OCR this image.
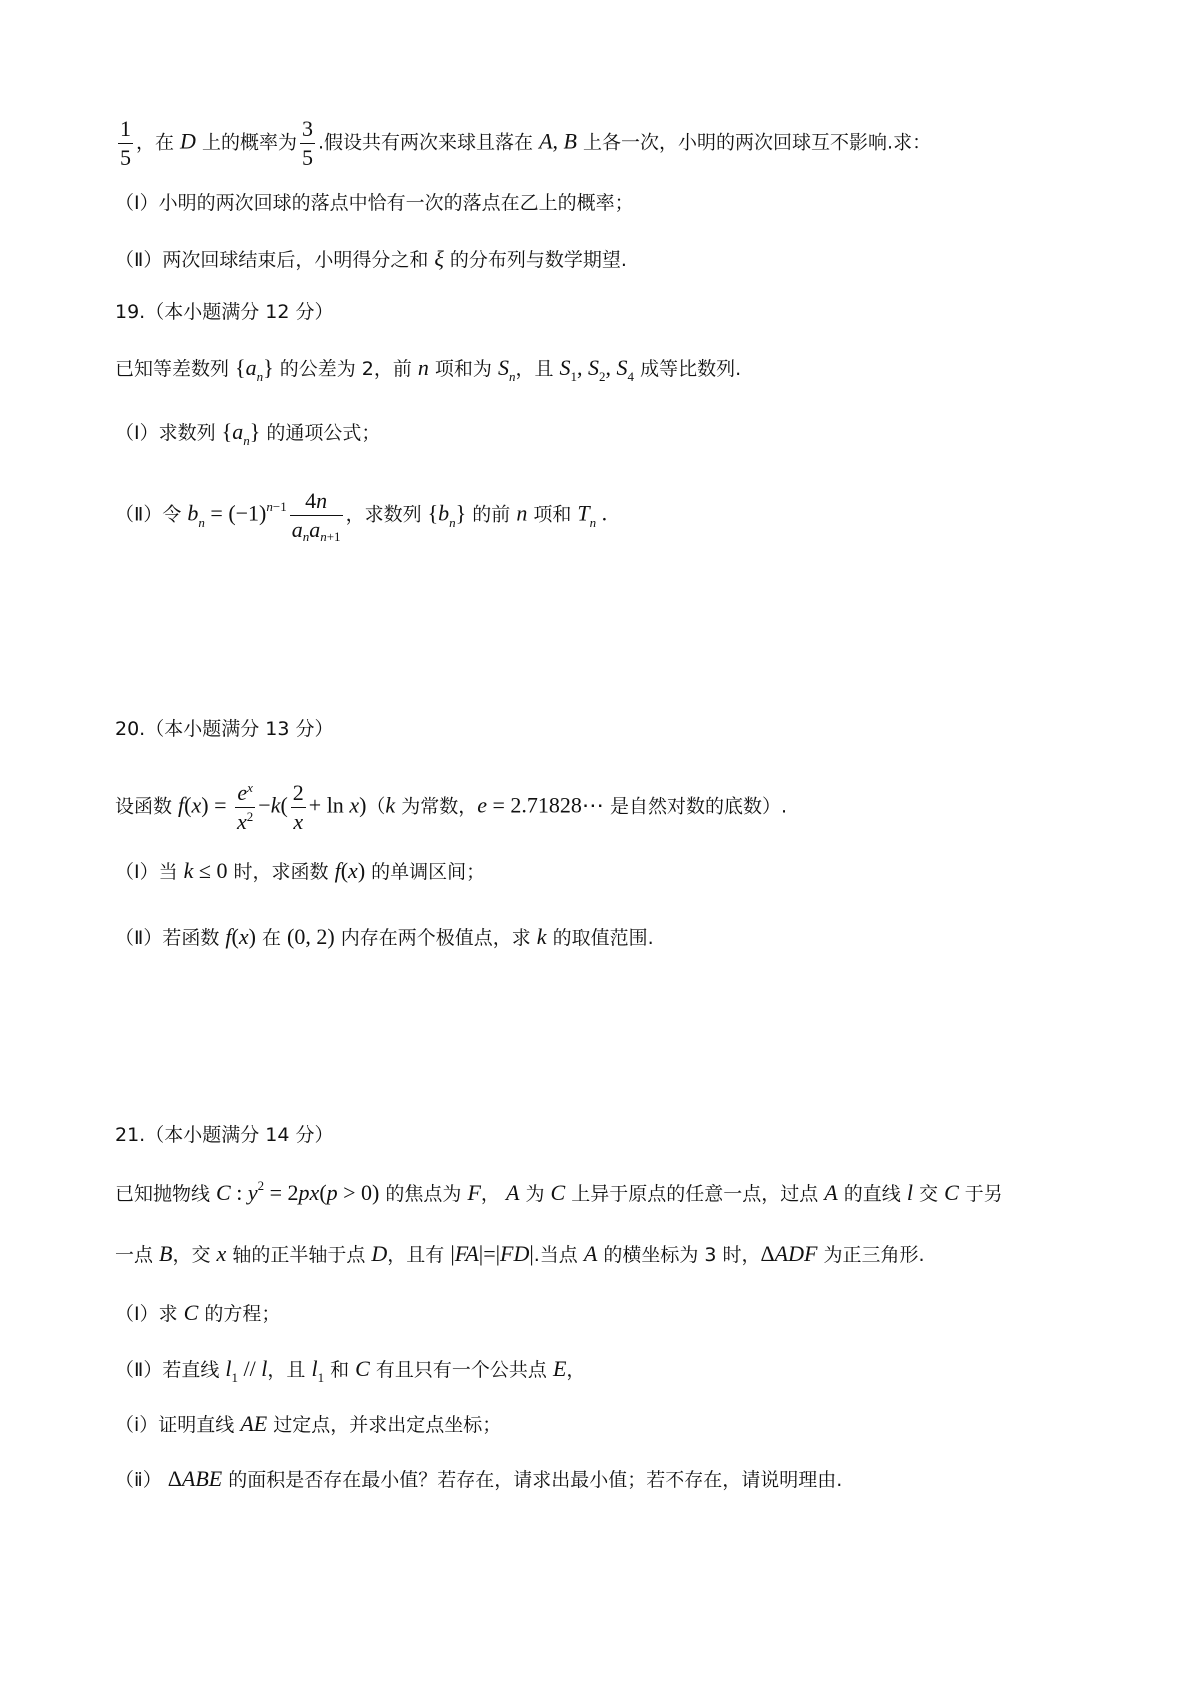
$\frac{1}{5}$ ，在 D 上的概率为 $\frac{3}{5}$ .假设共有两次来球且落在 A, B 上各一次，小明的两次回球互不影响.求：
（Ⅰ）小明的两次回球的落点中恰有一次的落点在乙上的概率；
（Ⅱ）两次回球结束后，小明得分之和 ξ 的分布列与数学期望.
19.（本小题满分 12 分）
已知等差数列 $\{a_n\}$ 的公差为 2，前 n 项和为 $S_n$，且 $S_1$, $S_2$, $S_4$ 成等比数列.
（Ⅰ）求数列 $\{a_n\}$ 的通项公式；
（Ⅱ）令 $b_n = (-1)^{n-1} \frac{4n}{\text{anan+1}}$ ，求数列 $\{b_n\}$ 的前 n 项和 $T_n$ .
20.（本小题满分 13 分）
设函数 $f(x) = \frac{e^x}{x^2} -k( \frac{2}{x} + \ln x)(k$ 为常数，e = 2.71828⋯ 是自然对数的底数）.
（Ⅰ）当 k ≤ 0 时，求函数 f(x) 的单调区间；
（Ⅱ）若函数 f(x) 在 (0, 2) 内存在两个极值点，求 k 的取值范围.
21.（本小题满分 14 分）
已知抛物线 C : $y^2 = 2px(p > 0)$ 的焦点为 F， A 为 C 上异于原点的任意一点，过点 A 的直线 l 交 C 于另
一点 B，交 x 轴的正半轴于点 D，且有 |FA|=|FD|.当点 A 的横坐标为 3 时，ΔADF 为正三角形.
（Ⅰ）求 C 的方程；
（Ⅱ）若直线 $l_1$ // l，且 $l_1$ 和 C 有且只有一个公共点 E，
（ⅰ）证明直线 AE 过定点，并求出定点坐标；
（ⅱ） ΔABE 的面积是否存在最小值？若存在，请求出最小值；若不存在，请说明理由.
